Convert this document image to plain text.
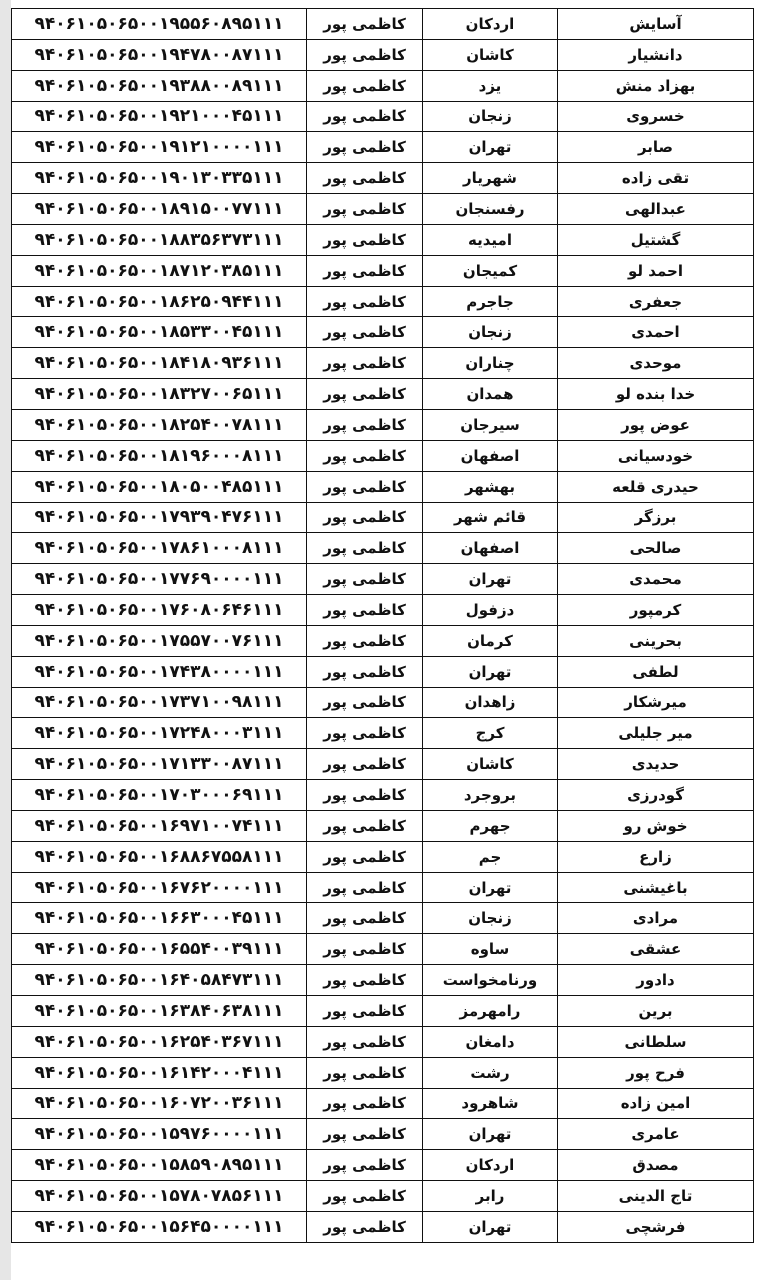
۹۴۰۶۱۰۵۰۶۵۰۰۱۹۵۵۶۰۸۹۵۱۱۱	کاظمی پور	اردکان	آسایش
۹۴۰۶۱۰۵۰۶۵۰۰۱۹۴۷۸۰۰۸۷۱۱۱	کاظمی پور	کاشان	دانشیار
۹۴۰۶۱۰۵۰۶۵۰۰۱۹۳۸۸۰۰۸۹۱۱۱	کاظمی پور	یزد	بهزاد منش
۹۴۰۶۱۰۵۰۶۵۰۰۱۹۲۱۰۰۰۴۵۱۱۱	کاظمی پور	زنجان	خسروی
۹۴۰۶۱۰۵۰۶۵۰۰۱۹۱۲۱۰۰۰۰۱۱۱	کاظمی پور	تهران	صابر
۹۴۰۶۱۰۵۰۶۵۰۰۱۹۰۱۳۰۳۳۵۱۱۱	کاظمی پور	شهریار	تقی زاده
۹۴۰۶۱۰۵۰۶۵۰۰۱۸۹۱۵۰۰۷۷۱۱۱	کاظمی پور	رفسنجان	عبدالهی
۹۴۰۶۱۰۵۰۶۵۰۰۱۸۸۳۵۶۳۷۳۱۱۱	کاظمی پور	امیدیه	گشتیل
۹۴۰۶۱۰۵۰۶۵۰۰۱۸۷۱۲۰۳۸۵۱۱۱	کاظمی پور	کمیجان	احمد لو
۹۴۰۶۱۰۵۰۶۵۰۰۱۸۶۲۵۰۹۴۴۱۱۱	کاظمی پور	جاجرم	جعفری
۹۴۰۶۱۰۵۰۶۵۰۰۱۸۵۳۳۰۰۴۵۱۱۱	کاظمی پور	زنجان	احمدی
۹۴۰۶۱۰۵۰۶۵۰۰۱۸۴۱۸۰۹۳۶۱۱۱	کاظمی پور	چناران	موحدی
۹۴۰۶۱۰۵۰۶۵۰۰۱۸۳۲۷۰۰۶۵۱۱۱	کاظمی پور	همدان	خدا بنده لو
۹۴۰۶۱۰۵۰۶۵۰۰۱۸۲۵۴۰۰۷۸۱۱۱	کاظمی پور	سیرجان	عوض پور
۹۴۰۶۱۰۵۰۶۵۰۰۱۸۱۹۶۰۰۰۸۱۱۱	کاظمی پور	اصفهان	خودسیانی
۹۴۰۶۱۰۵۰۶۵۰۰۱۸۰۵۰۰۴۸۵۱۱۱	کاظمی پور	بهشهر	حیدری قلعه
۹۴۰۶۱۰۵۰۶۵۰۰۱۷۹۳۹۰۴۷۶۱۱۱	کاظمی پور	قائم شهر	برزگر
۹۴۰۶۱۰۵۰۶۵۰۰۱۷۸۶۱۰۰۰۸۱۱۱	کاظمی پور	اصفهان	صالحی
۹۴۰۶۱۰۵۰۶۵۰۰۱۷۷۶۹۰۰۰۰۱۱۱	کاظمی پور	تهران	محمدی
۹۴۰۶۱۰۵۰۶۵۰۰۱۷۶۰۸۰۶۴۶۱۱۱	کاظمی پور	دزفول	کرمپور
۹۴۰۶۱۰۵۰۶۵۰۰۱۷۵۵۷۰۰۷۶۱۱۱	کاظمی پور	کرمان	بحرینی
۹۴۰۶۱۰۵۰۶۵۰۰۱۷۴۳۸۰۰۰۰۱۱۱	کاظمی پور	تهران	لطفی
۹۴۰۶۱۰۵۰۶۵۰۰۱۷۳۷۱۰۰۹۸۱۱۱	کاظمی پور	زاهدان	میرشکار
۹۴۰۶۱۰۵۰۶۵۰۰۱۷۲۴۸۰۰۰۳۱۱۱	کاظمی پور	کرج	میر جلیلی
۹۴۰۶۱۰۵۰۶۵۰۰۱۷۱۳۳۰۰۸۷۱۱۱	کاظمی پور	کاشان	حدیدی
۹۴۰۶۱۰۵۰۶۵۰۰۱۷۰۳۰۰۰۶۹۱۱۱	کاظمی پور	بروجرد	گودرزی
۹۴۰۶۱۰۵۰۶۵۰۰۱۶۹۷۱۰۰۷۴۱۱۱	کاظمی پور	جهرم	خوش رو
۹۴۰۶۱۰۵۰۶۵۰۰۱۶۸۸۶۷۵۵۸۱۱۱	کاظمی پور	جم	زارع
۹۴۰۶۱۰۵۰۶۵۰۰۱۶۷۶۲۰۰۰۰۱۱۱	کاظمی پور	تهران	باغیشنی
۹۴۰۶۱۰۵۰۶۵۰۰۱۶۶۳۰۰۰۴۵۱۱۱	کاظمی پور	زنجان	مرادی
۹۴۰۶۱۰۵۰۶۵۰۰۱۶۵۵۴۰۰۳۹۱۱۱	کاظمی پور	ساوه	عشقی
۹۴۰۶۱۰۵۰۶۵۰۰۱۶۴۰۵۸۴۷۳۱۱۱	کاظمی پور	ورنامخواست	دادور
۹۴۰۶۱۰۵۰۶۵۰۰۱۶۳۸۴۰۶۳۸۱۱۱	کاظمی پور	رامهرمز	برین
۹۴۰۶۱۰۵۰۶۵۰۰۱۶۲۵۴۰۳۶۷۱۱۱	کاظمی پور	دامغان	سلطانی
۹۴۰۶۱۰۵۰۶۵۰۰۱۶۱۴۲۰۰۰۴۱۱۱	کاظمی پور	رشت	فرح پور
۹۴۰۶۱۰۵۰۶۵۰۰۱۶۰۷۲۰۰۳۶۱۱۱	کاظمی پور	شاهرود	امین زاده
۹۴۰۶۱۰۵۰۶۵۰۰۱۵۹۷۶۰۰۰۰۱۱۱	کاظمی پور	تهران	عامری
۹۴۰۶۱۰۵۰۶۵۰۰۱۵۸۵۹۰۸۹۵۱۱۱	کاظمی پور	اردکان	مصدق
۹۴۰۶۱۰۵۰۶۵۰۰۱۵۷۸۰۷۸۵۶۱۱۱	کاظمی پور	رابر	تاج الدینی
۹۴۰۶۱۰۵۰۶۵۰۰۱۵۶۴۵۰۰۰۰۱۱۱	کاظمی پور	تهران	فرشچی
